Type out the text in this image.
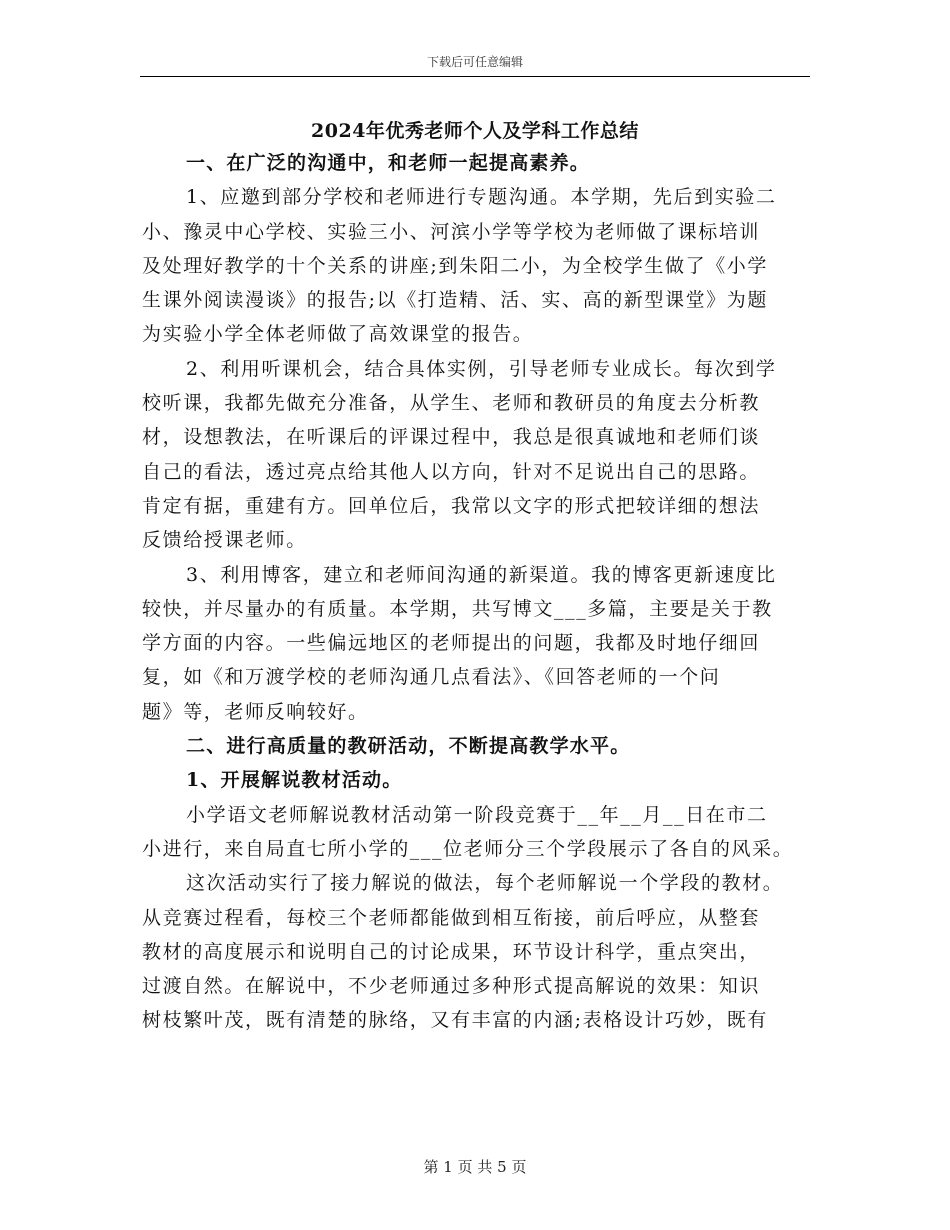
下载后可任意编辑
2024年优秀老师个人及学科工作总结
一、在广泛的沟通中，和老师一起提高素养。
1、应邀到部分学校和老师进行专题沟通。本学期，先后到实验二
小、豫灵中心学校、实验三小、河滨小学等学校为老师做了课标培训
及处理好教学的十个关系的讲座;到朱阳二小，为全校学生做了《小学
生课外阅读漫谈》的报告;以《打造精、活、实、高的新型课堂》为题
为实验小学全体老师做了高效课堂的报告。
2、利用听课机会，结合具体实例，引导老师专业成长。每次到学
校听课，我都先做充分准备，从学生、老师和教研员的角度去分析教
材，设想教法，在听课后的评课过程中，我总是很真诚地和老师们谈
自己的看法，透过亮点给其他人以方向，针对不足说出自己的思路。
肯定有据，重建有方。回单位后，我常以文字的形式把较详细的想法
反馈给授课老师。
3、利用博客，建立和老师间沟通的新渠道。我的博客更新速度比
较快，并尽量办的有质量。本学期，共写博文___多篇，主要是关于教
学方面的内容。一些偏远地区的老师提出的问题，我都及时地仔细回
复，如《和万渡学校的老师沟通几点看法》、《回答老师的一个问
题》等，老师反响较好。
二、进行高质量的教研活动，不断提高教学水平。
1、开展解说教材活动。
小学语文老师解说教材活动第一阶段竞赛于__年__月__日在市二
小进行，来自局直七所小学的___位老师分三个学段展示了各自的风采。
这次活动实行了接力解说的做法，每个老师解说一个学段的教材。
从竞赛过程看，每校三个老师都能做到相互衔接，前后呼应，从整套
教材的高度展示和说明自己的讨论成果，环节设计科学，重点突出，
过渡自然。在解说中，不少老师通过多种形式提高解说的效果：知识
树枝繁叶茂，既有清楚的脉络，又有丰富的内涵;表格设计巧妙，既有
第 1 页 共 5 页
